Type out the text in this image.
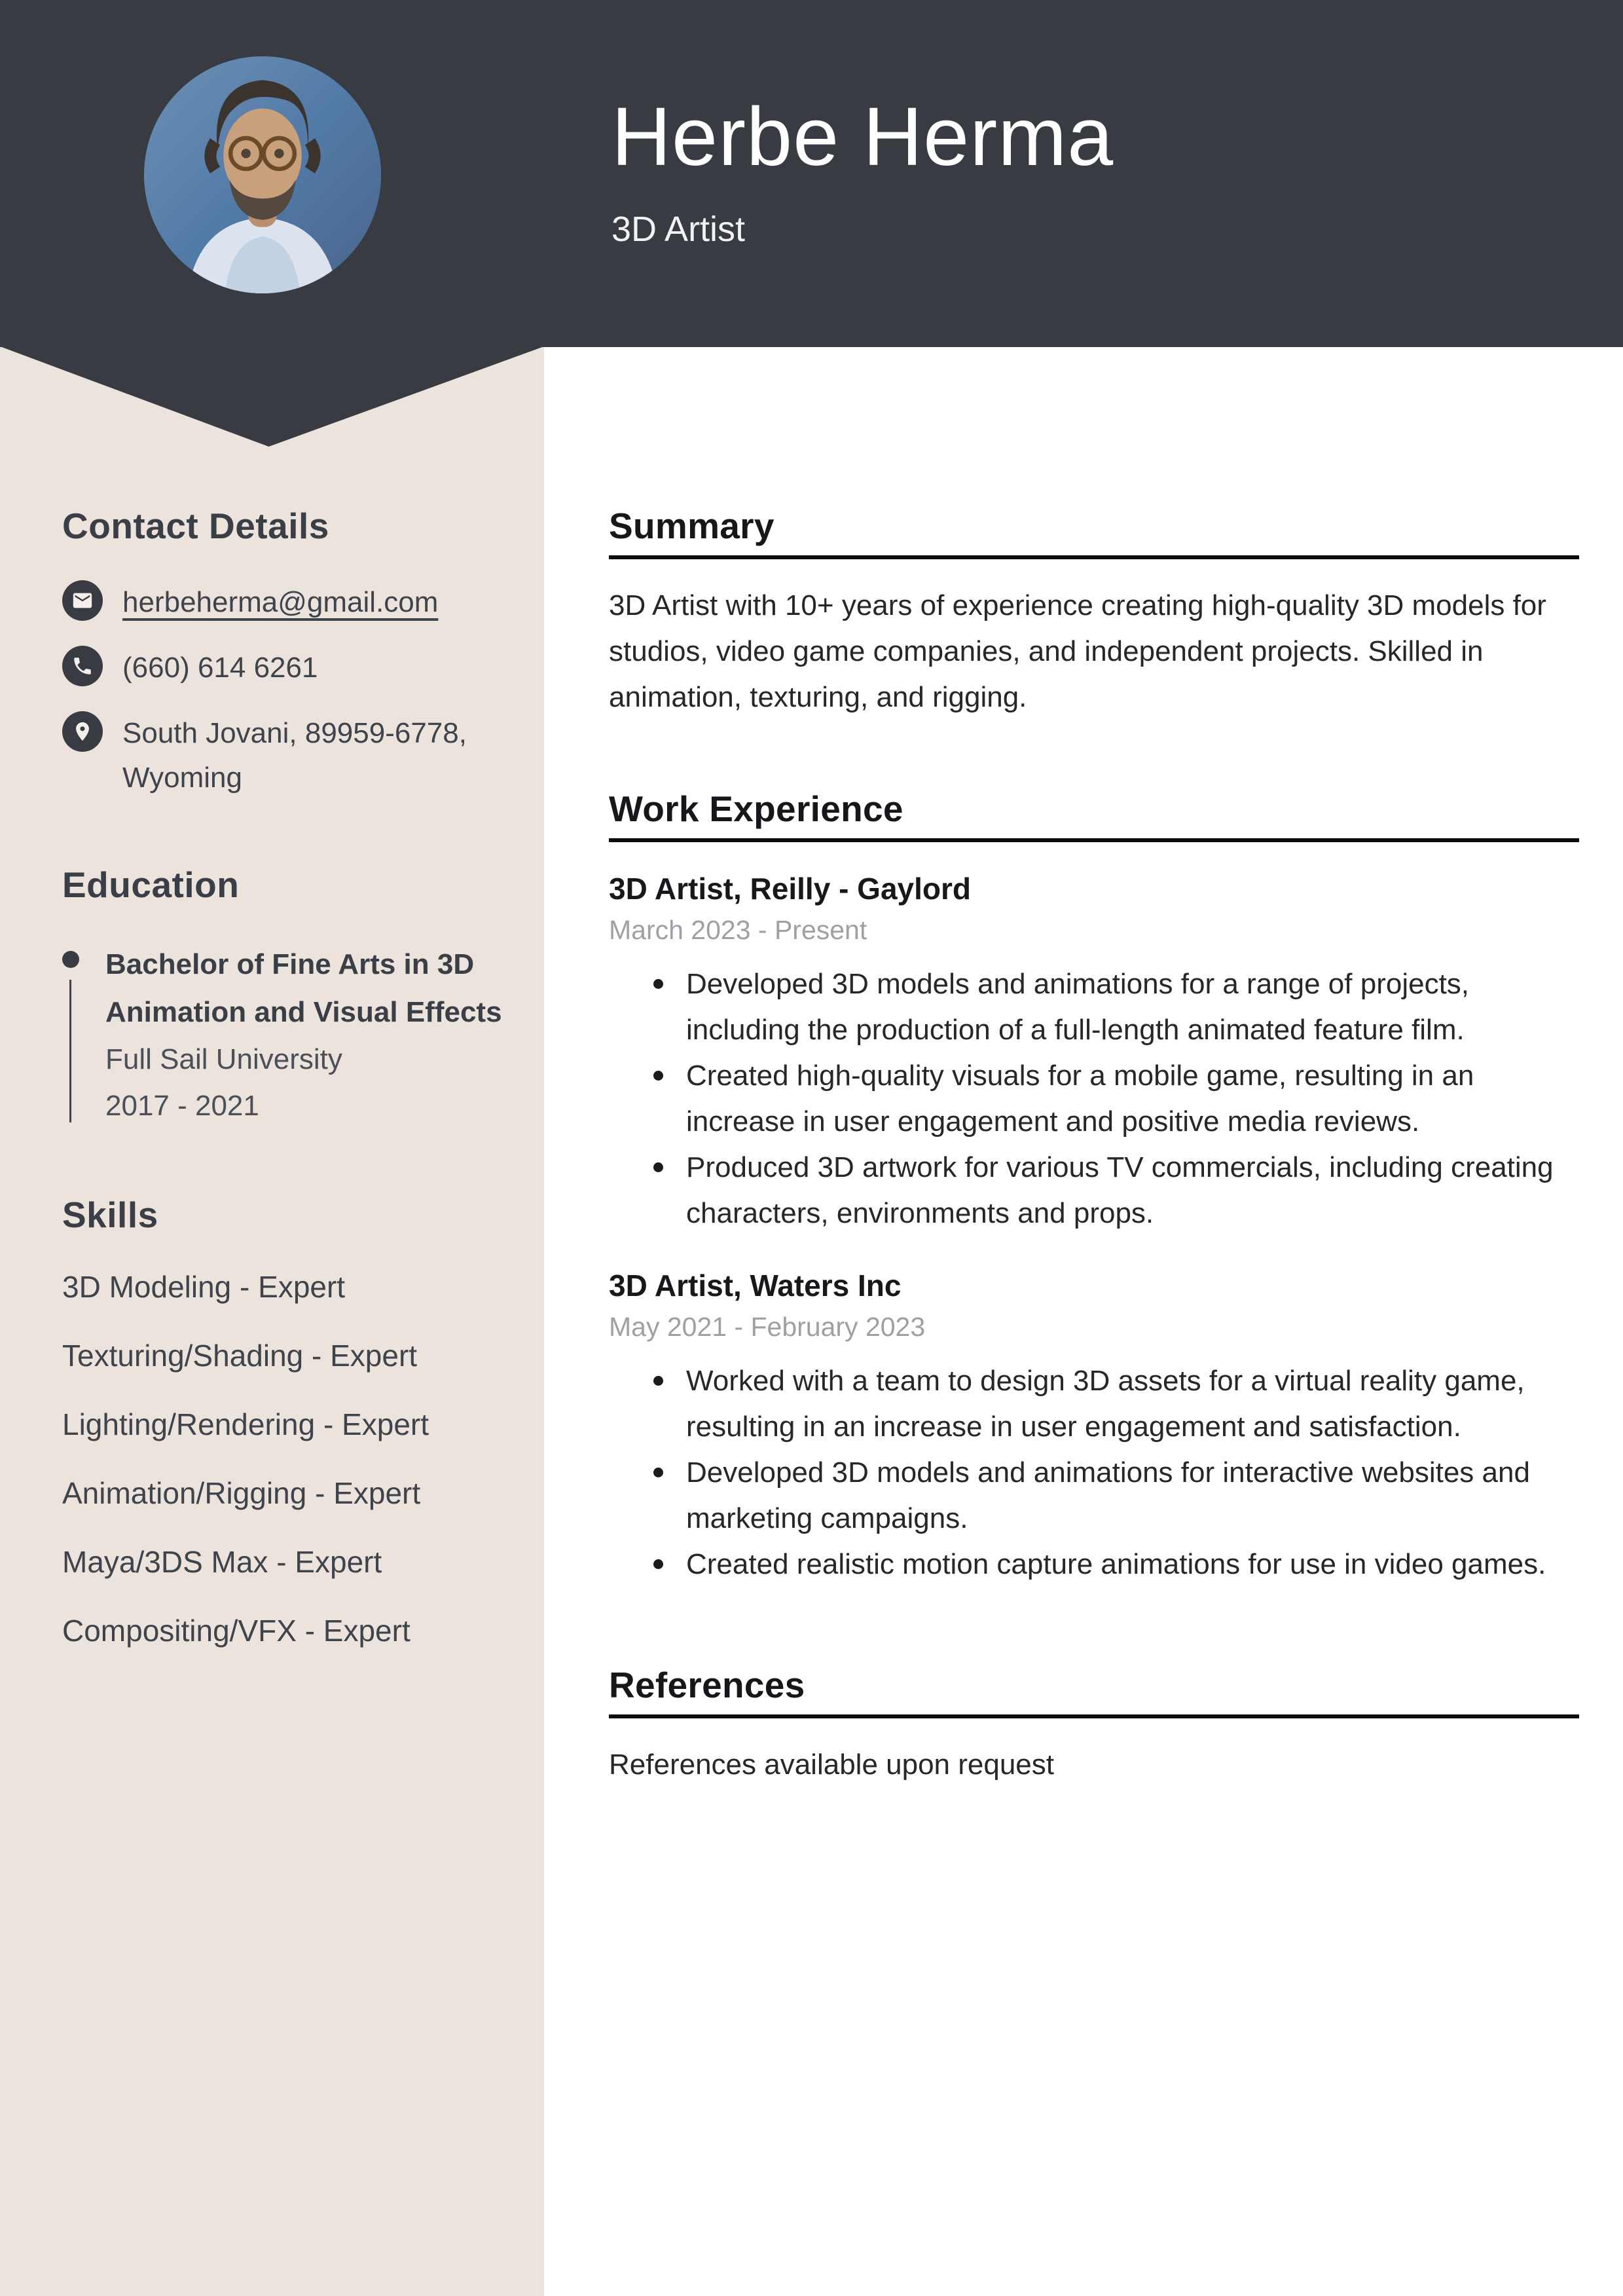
Herbe Herma
3D Artist
Contact Details
herbeherma@gmail.com
(660) 614 6261
South Jovani, 89959-6778, Wyoming
Education
Bachelor of Fine Arts in 3D Animation and Visual Effects
Full Sail University
2017 - 2021
Skills
3D Modeling - Expert
Texturing/Shading - Expert
Lighting/Rendering - Expert
Animation/Rigging - Expert
Maya/3DS Max - Expert
Compositing/VFX - Expert
Summary
3D Artist with 10+ years of experience creating high-quality 3D models for studios, video game companies, and independent projects. Skilled in animation, texturing, and rigging.
Work Experience
3D Artist, Reilly - Gaylord
March 2023 - Present
Developed 3D models and animations for a range of projects, including the production of a full-length animated feature film.
Created high-quality visuals for a mobile game, resulting in an increase in user engagement and positive media reviews.
Produced 3D artwork for various TV commercials, including creating characters, environments and props.
3D Artist, Waters Inc
May 2021 - February 2023
Worked with a team to design 3D assets for a virtual reality game, resulting in an increase in user engagement and satisfaction.
Developed 3D models and animations for interactive websites and marketing campaigns.
Created realistic motion capture animations for use in video games.
References
References available upon request
